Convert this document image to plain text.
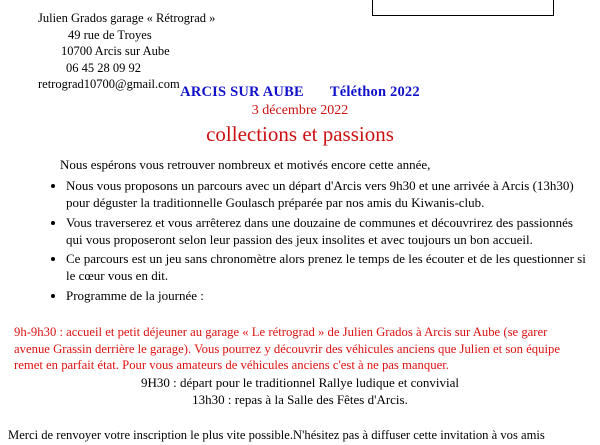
Julien Grados garage « Rétrograd »
49 rue de Troyes
10700 Arcis sur Aube
06 45 28 09 92
retrograd10700@gmail.com ARCIS SUR AUBE Téléthon 2022
3 décembre 2022
collections et passions
Nous espérons vous retrouver nombreux et motivés encore cette année,
• Nous vous proposons un parcours avec un départ d'Arcis vers 9h30 et une arrivée à Arcis (13h30) pour déguster la traditionnelle Goulasch préparée par nos amis du Kiwanis-club.
• Vous traverserez et vous arrêterez dans une douzaine de communes et découvrirez des passionnés qui vous proposeront selon leur passion des jeux insolites et avec toujours un bon accueil.
• Ce parcours est un jeu sans chronomètre alors prenez le temps de les écouter et de les questionner si le cœur vous en dit.
• Programme de la journée :
9h-9h30 : accueil et petit déjeuner au garage « Le rétrograd » de Julien Grados à Arcis sur Aube (se garer avenue Grassin derrière le garage). Vous pourrez y découvrir des véhicules anciens que Julien et son équipe remet en parfait état. Pour vous amateurs de véhicules anciens c'est à ne pas manquer.
9H30 : départ pour le traditionnel Rallye ludique et convivial
13h30 : repas à la Salle des Fêtes d'Arcis.
Merci de renvoyer votre inscription le plus vite possible.N'hésitez pas à diffuser cette invitation à vos amis
